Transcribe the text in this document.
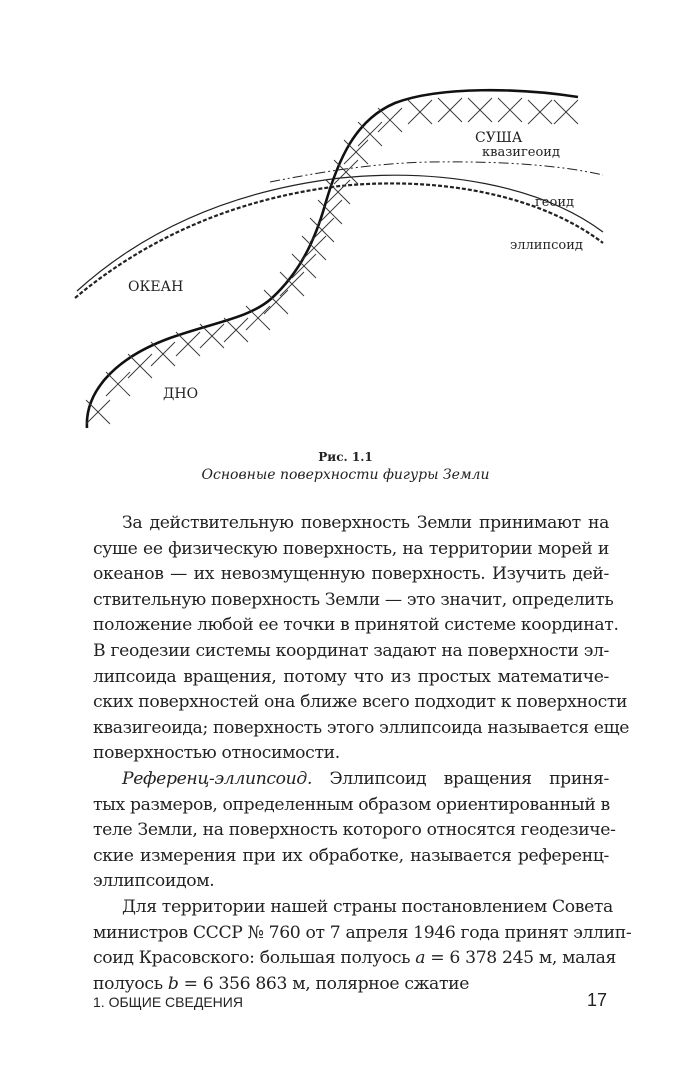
СУША
квазигеоид
геоид
эллипсоид
ОКЕАН
ДНО
Рис. 1.1
Основные поверхности фигуры Земли
За действительную поверхность Земли принимают на
суше ее физическую поверхность, на территории морей и
океанов — их невозмущенную поверхность. Изучить дей-
ствительную поверхность Земли — это значит, определить
положение любой ее точки в принятой системе координат.
В геодезии системы координат задают на поверхности эл-
липсоида вращения, потому что из простых математиче-
ских поверхностей она ближе всего подходит к поверхности
квазигеоида; поверхность этого эллипсоида называется еще
поверхностью относимости.
Референц-эллипсоид. Эллипсоид вращения приня-
тых размеров, определенным образом ориентированный в
теле Земли, на поверхность которого относятся геодезиче-
ские измерения при их обработке, называется референц-
эллипсоидом.
Для территории нашей страны постановлением Совета
министров СССР № 760 от 7 апреля 1946 года принят эллип-
соид Красовского: большая полуось a = 6 378 245 м, малая
полуось b = 6 356 863 м, полярное сжатие
1. ОБЩИЕ СВЕДЕНИЯ	17
